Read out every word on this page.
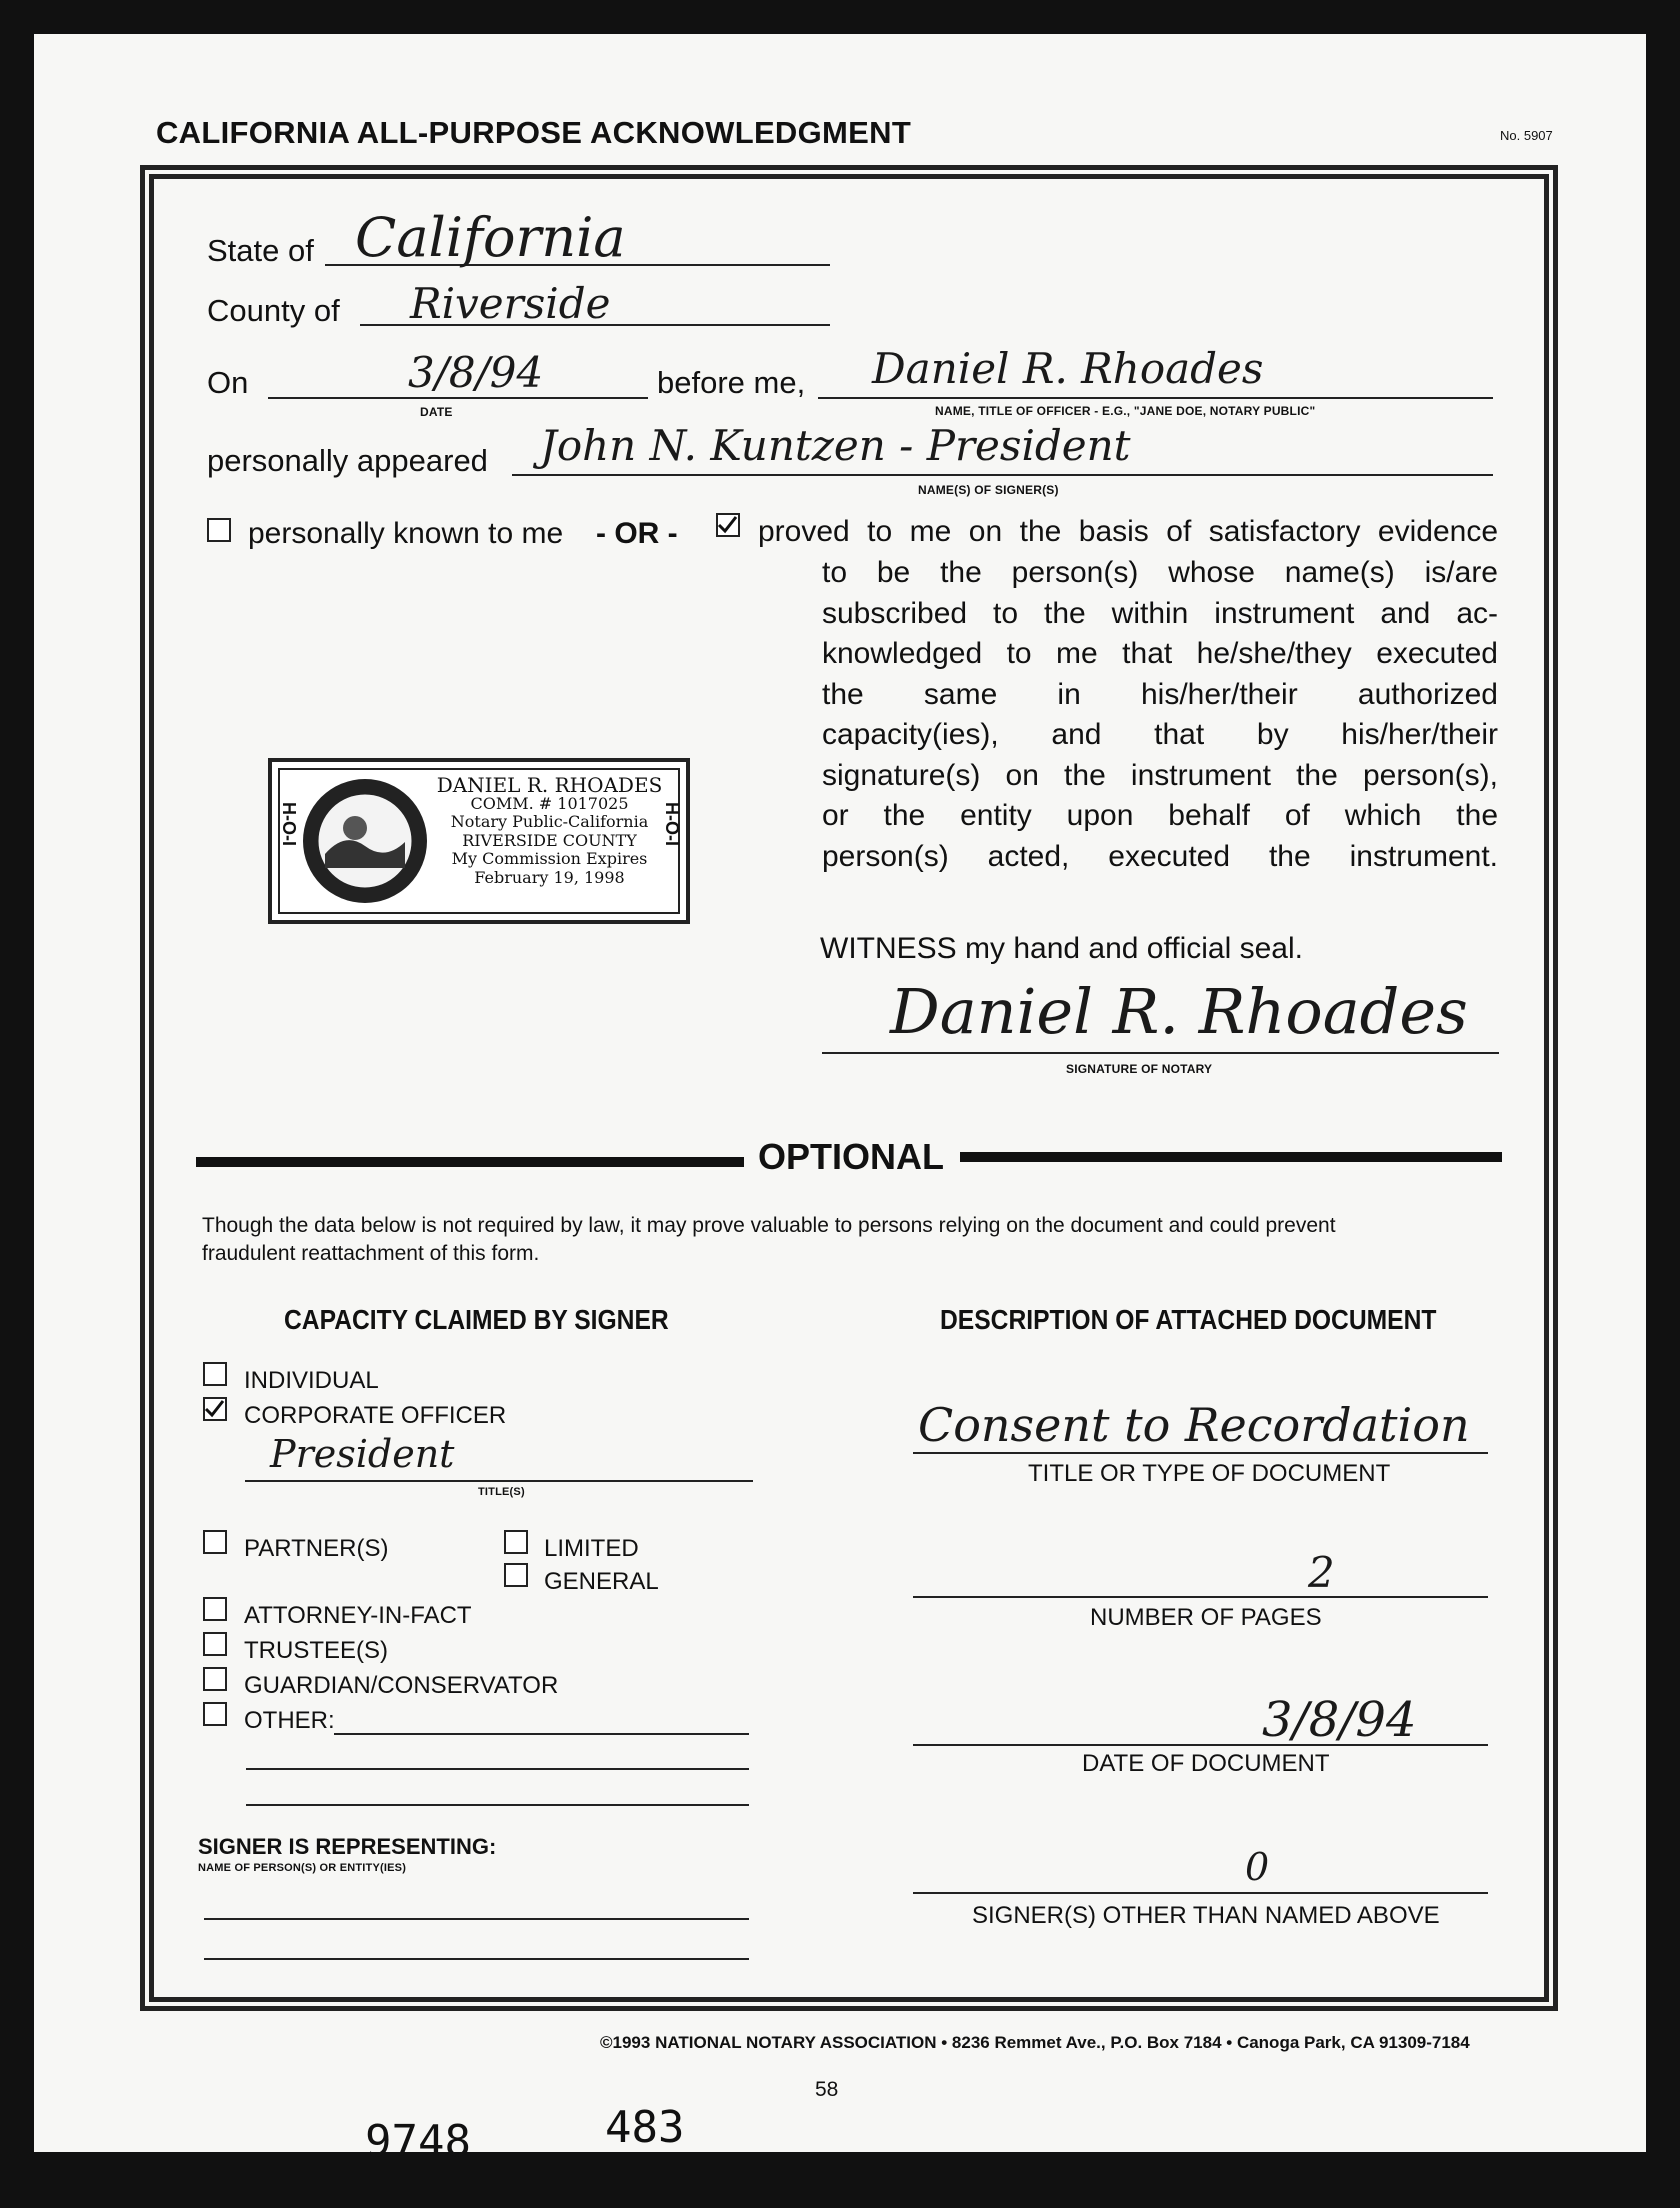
CALIFORNIA ALL-PURPOSE ACKNOWLEDGMENT	No. 5907
State of California
County of Riverside
On	3/8/94
DATE
before me, Daniel R. Rhoades
NAME, TITLE OF OFFICER - E.G., "JANE DOE, NOTARY PUBLIC"
personally appeared John N. Kuntzen - President
NAME(S) OF SIGNER(S)
personally known to me - OR -	proved to me on the basis of satisfactory evidence
to be the person(s) whose name(s) is/are
subscribed to the within instrument and ac-
knowledged to me that he/she/they executed
the same in his/her/their authorized
capacity(ies), and that by his/her/their
signature(s) on the instrument the person(s),
or the entity upon behalf of which the
person(s) acted, executed the instrument.
H-O-I	H-O-I
DANIEL R. RHOADES
COMM. # 1017025
Notary Public-California
RIVERSIDE COUNTY
My Commission Expires
February 19, 1998
WITNESS my hand and official seal.
Daniel R. Rhoades
SIGNATURE OF NOTARY
OPTIONAL
Though the data below is not required by law, it may prove valuable to persons relying on the document and could prevent
fraudulent reattachment of this form.
CAPACITY CLAIMED BY SIGNER
INDIVIDUAL
CORPORATE OFFICER
President
TITLE(S)
PARTNER(S)	LIMITED
GENERAL
ATTORNEY-IN-FACT
TRUSTEE(S)
GUARDIAN/CONSERVATOR
OTHER:
SIGNER IS REPRESENTING:
NAME OF PERSON(S) OR ENTITY(IES)
DESCRIPTION OF ATTACHED DOCUMENT
Consent to Recordation
TITLE OR TYPE OF DOCUMENT
2
NUMBER OF PAGES
3/8/94
DATE OF DOCUMENT
0
SIGNER(S) OTHER THAN NAMED ABOVE
©1993 NATIONAL NOTARY ASSOCIATION • 8236 Remmet Ave., P.O. Box 7184 • Canoga Park, CA 91309-7184
58
9748	483
